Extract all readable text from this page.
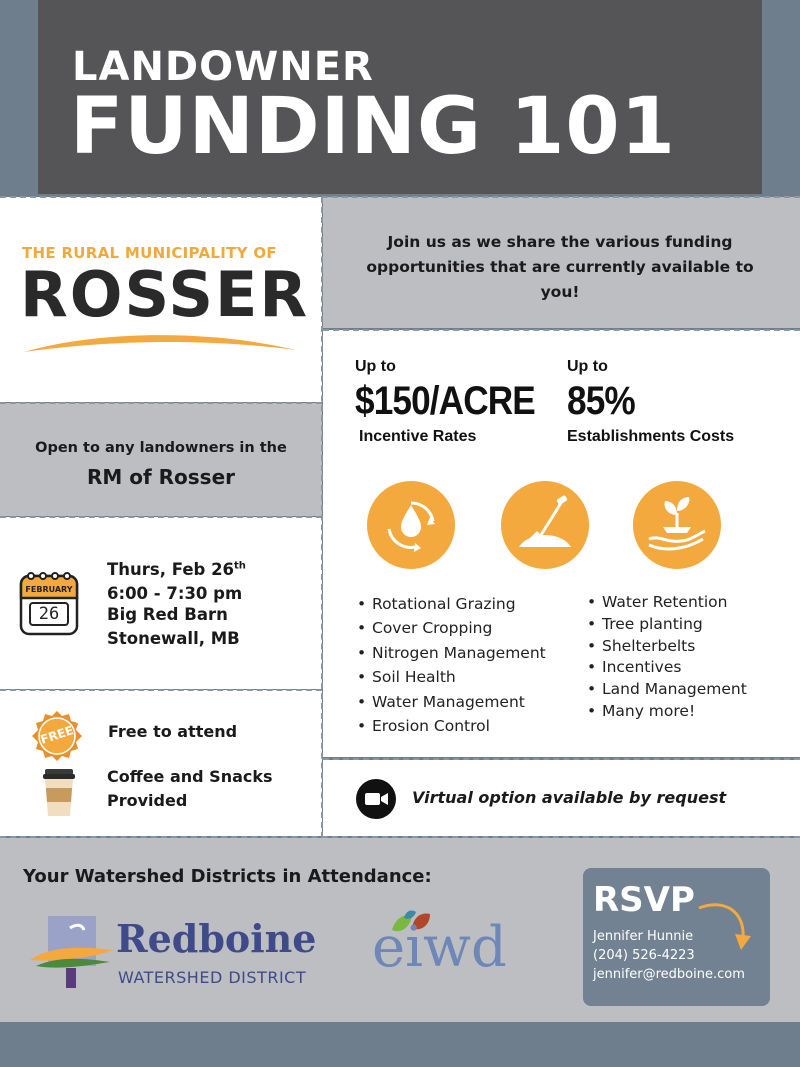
LANDOWNER
FUNDING 101
THE RURAL MUNICIPALITY OF
ROSSER
Join us as we share the various funding opportunities that are currently available to you!
Open to any landowners in the
RM of Rosser
FEBRUARY
26
Thurs, Feb 26th
6:00 - 7:30 pm
Big Red Barn
Stonewall, MB
FREE	Free to attend
Coffee and Snacks
Provided
Up to
$150/ACRE
Incentive Rates
Up to
85%
Establishments Costs
• Rotational Grazing
• Cover Cropping
• Nitrogen Management
• Soil Health
• Water Management
• Erosion Control
• Water Retention
• Tree planting
• Shelterbelts
• Incentives
• Land Management
• Many more!
Virtual option available by request
Your Watershed Districts in Attendance:
Redboine
WATERSHED DISTRICT eiwd
RSVP
Jennifer Hunnie
(204) 526-4223
jennifer@redboine.com
